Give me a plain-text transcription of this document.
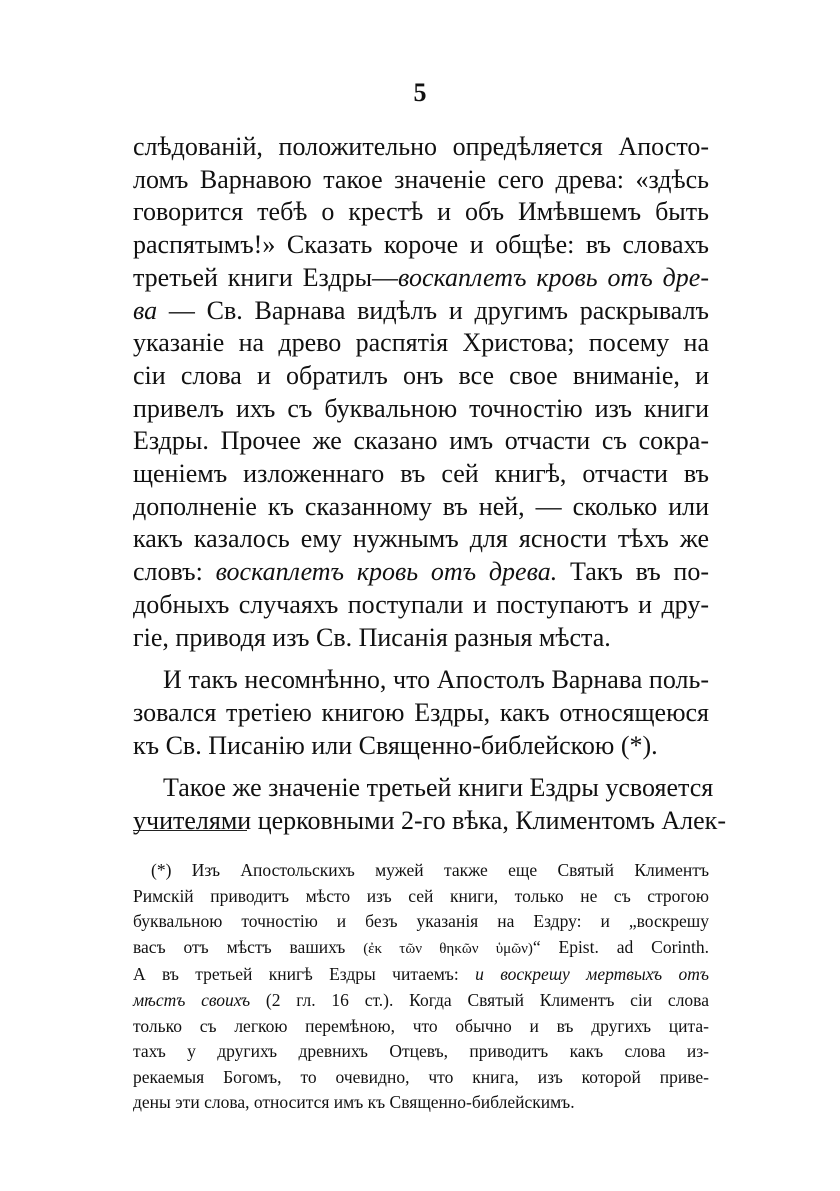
5
слѣдованій, положительно опредѣляется Апосто-
ломъ Варнавою такое значеніе сего древа: «здѣсь
говорится тебѣ о крестѣ и объ Имѣвшемъ быть
распятымъ!» Сказать короче и общѣе: въ словахъ
третьей книги Ездры—воскаплетъ кровь отъ дре-
ва — Св. Варнава видѣлъ и другимъ раскрывалъ
указаніе на древо распятія Христова; посему на
сіи слова и обратилъ онъ все свое вниманіе, и
привелъ ихъ съ буквальною точностію изъ книги
Ездры. Прочее же сказано имъ отчасти съ сокра-
щеніемъ изложеннаго въ сей книгѣ, отчасти въ
дополненіе къ сказанному въ ней, — сколько или
какъ казалось ему нужнымъ для ясности тѣхъ же
словъ: воскаплетъ кровь отъ древа. Такъ въ по-
добныхъ случаяхъ поступали и поступаютъ и дру-
гіе, приводя изъ Св. Писанія разныя мѣста.
И такъ несомнѣнно, что Апостолъ Варнава поль-
зовался третіею книгою Ездры, какъ относящеюся
къ Св. Писанію или Священно-библейскою (*).
Такое же значеніе третьей книги Ездры усвояется
учителями церковными 2-го вѣка, Климентомъ Алек-
(*) Изъ Апостольскихъ мужей также еще Святый Климентъ
Римскій приводитъ мѣсто изъ сей книги, только не съ строгою
буквальною точностію и безъ указанія на Ездру: и „воскрешу
васъ отъ мѣстъ вашихъ (ἐκ τῶν θηκῶν ὑμῶν)“ Epist. ad Corinth.
А въ третьей книгѣ Ездры читаемъ: и воскрешу мертвыхъ отъ
мѣстъ своихъ (2 гл. 16 ст.). Когда Святый Климентъ сіи слова
только съ легкою перемѣною, что обычно и въ другихъ цита-
тахъ у другихъ древнихъ Отцевъ, приводитъ какъ слова из-
рекаемыя Богомъ, то очевидно, что книга, изъ которой приве-
дены эти слова, относится имъ къ Священно-библейскимъ.
